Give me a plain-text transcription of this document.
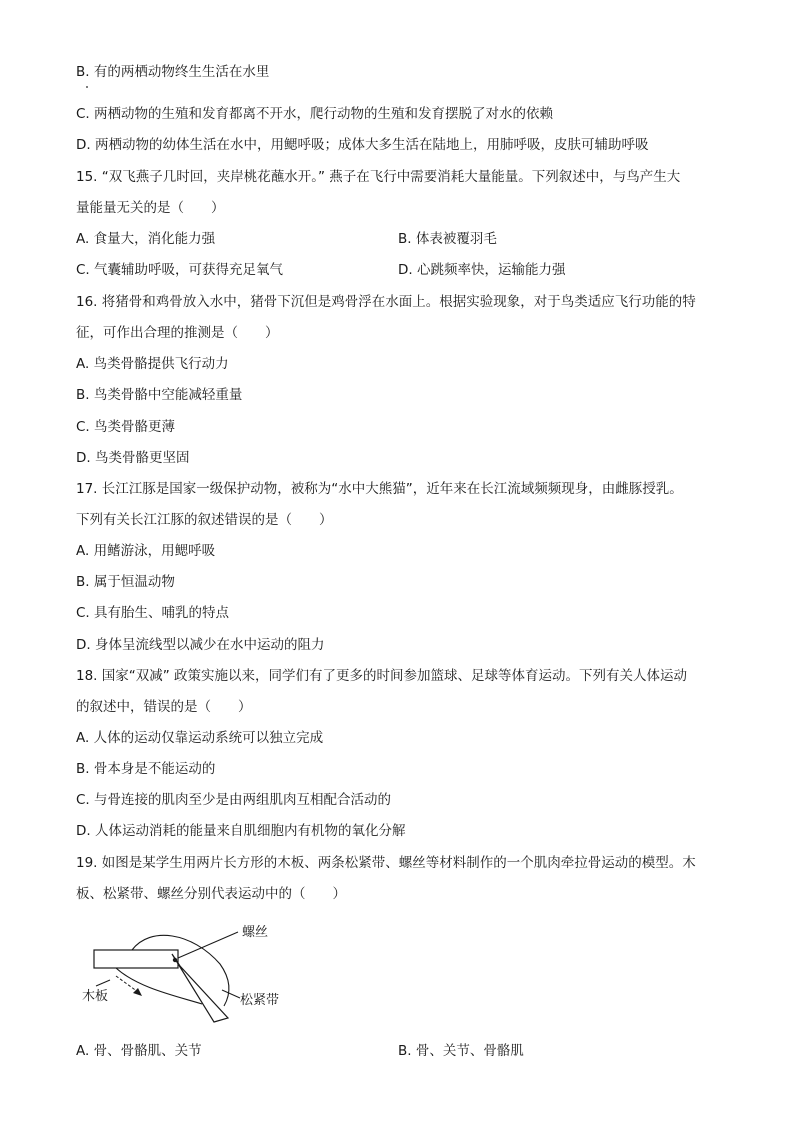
B. 有的两栖动物终生生活在水里
C. 两栖动物的生殖和发育都离不开水，爬行动物的生殖和发育摆脱了对水的依赖
D. 两栖动物的幼体生活在水中，用鳃呼吸；成体大多生活在陆地上，用肺呼吸，皮肤可辅助呼吸
15. “双飞燕子几时回，夹岸桃花蘸水开。” 燕子在飞行中需要消耗大量能量。下列叙述中，与鸟产生大
量能量无关的是（　　）
A. 食量大，消化能力强	B. 体表被覆羽毛
C. 气囊辅助呼吸，可获得充足氧气	D. 心跳频率快，运输能力强
16. 将猪骨和鸡骨放入水中，猪骨下沉但是鸡骨浮在水面上。根据实验现象，对于鸟类适应飞行功能的特
征，可作出合理的推测是（　　）
A. 鸟类骨骼提供飞行动力
B. 鸟类骨骼中空能减轻重量
C. 鸟类骨骼更薄
D. 鸟类骨骼更坚固
17. 长江江豚是国家一级保护动物，被称为“水中大熊猫”，近年来在长江流域频频现身，由雌豚授乳。
下列有关长江江豚的叙述错误的是（　　）
A. 用鳍游泳，用鳃呼吸
B. 属于恒温动物
C. 具有胎生、哺乳的特点
D. 身体呈流线型以减少在水中运动的阻力
18. 国家“双减” 政策实施以来，同学们有了更多的时间参加篮球、足球等体育运动。下列有关人体运动
的叙述中，错误的是（　　）
A. 人体的运动仅靠运动系统可以独立完成
B. 骨本身是不能运动的
C. 与骨连接的肌肉至少是由两组肌肉互相配合活动的
D. 人体运动消耗的能量来自肌细胞内有机物的氧化分解
19. 如图是某学生用两片长方形的木板、两条松紧带、螺丝等材料制作的一个肌肉牵拉骨运动的模型。木
板、松紧带、螺丝分别代表运动中的（　　）
螺丝
木板	松紧带
A. 骨、骨骼肌、关节	B. 骨、关节、骨骼肌
